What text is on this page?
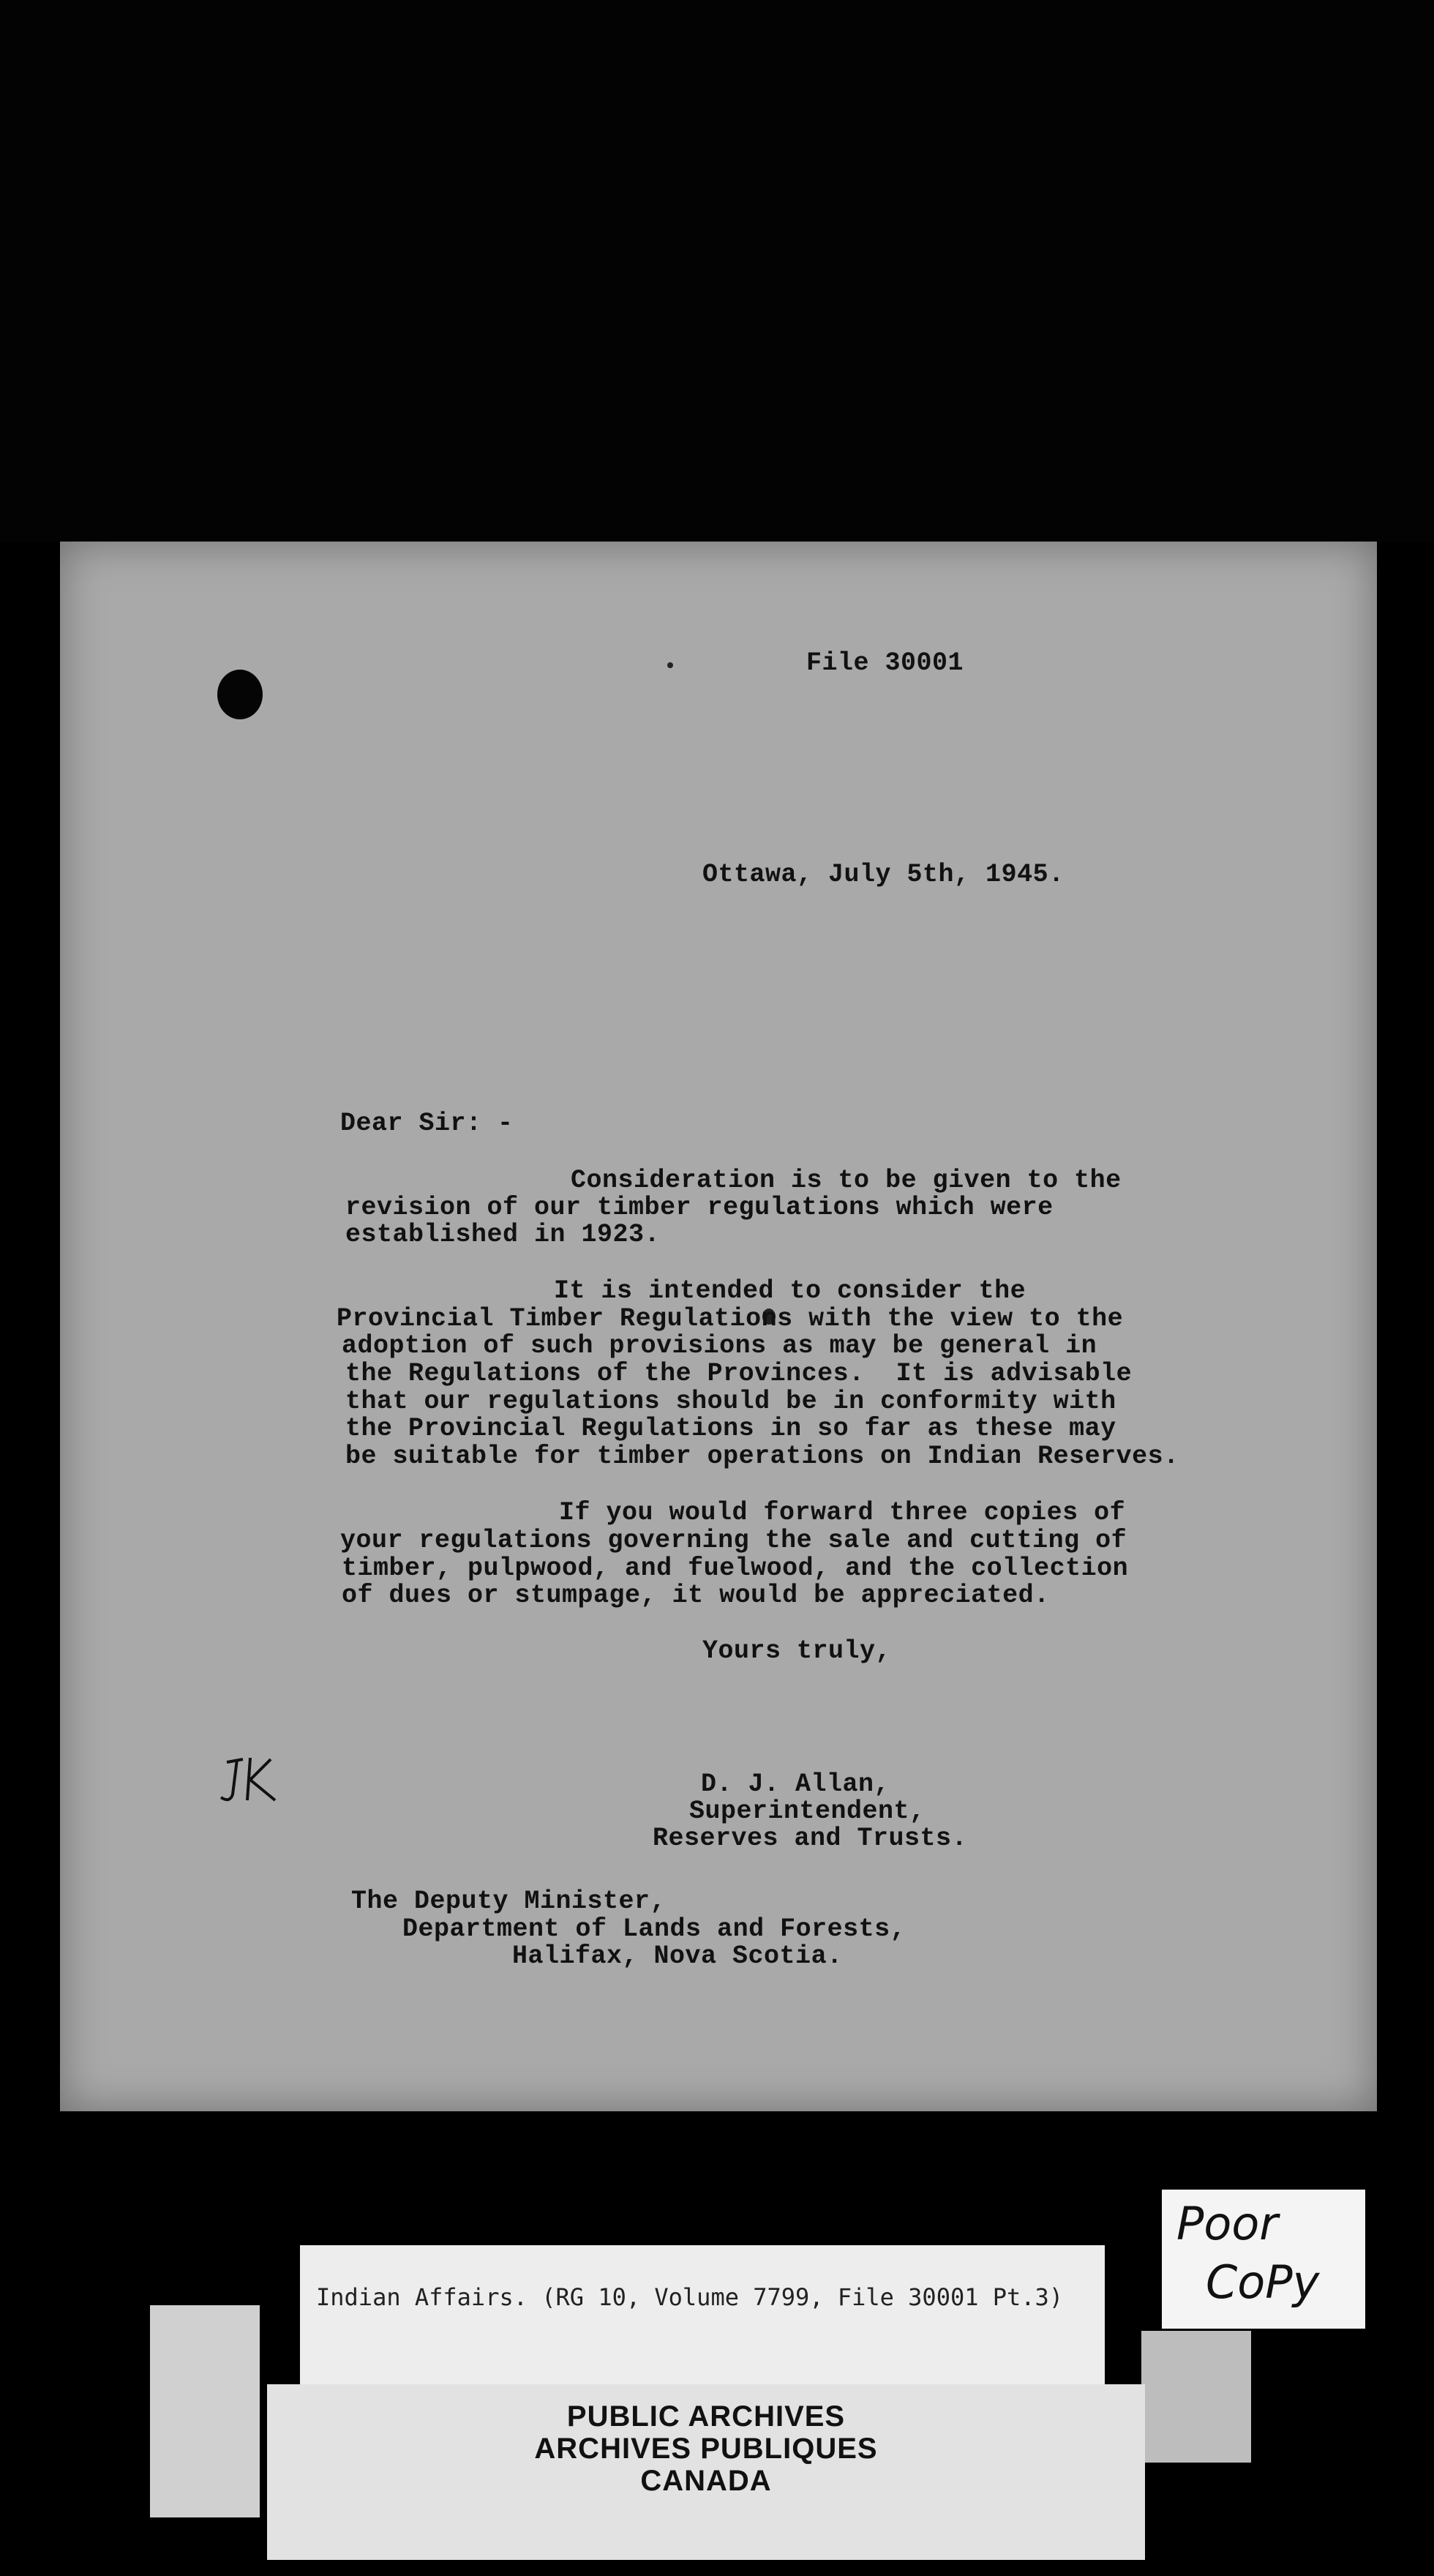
File 30001
Ottawa, July 5th, 1945.
Dear Sir: -
Consideration is to be given to the
revision of our timber regulations which were
established in 1923.
It is intended to consider the
Provincial Timber Regulations with the view to the
adoption of such provisions as may be general in
the Regulations of the Provinces.  It is advisable
that our regulations should be in conformity with
the Provincial Regulations in so far as these may
be suitable for timber operations on Indian Reserves.
If you would forward three copies of
your regulations governing the sale and cutting of
timber, pulpwood, and fuelwood, and the collection
of dues or stumpage, it would be appreciated.
Yours truly,
D. J. Allan,
Superintendent,
Reserves and Trusts.
The Deputy Minister,
Department of Lands and Forests,
Halifax, Nova Scotia.
Indian Affairs. (RG 10, Volume 7799, File 30001 Pt.3)
PUBLIC ARCHIVES
ARCHIVES PUBLIQUES
CANADA
Poor
CoPy
